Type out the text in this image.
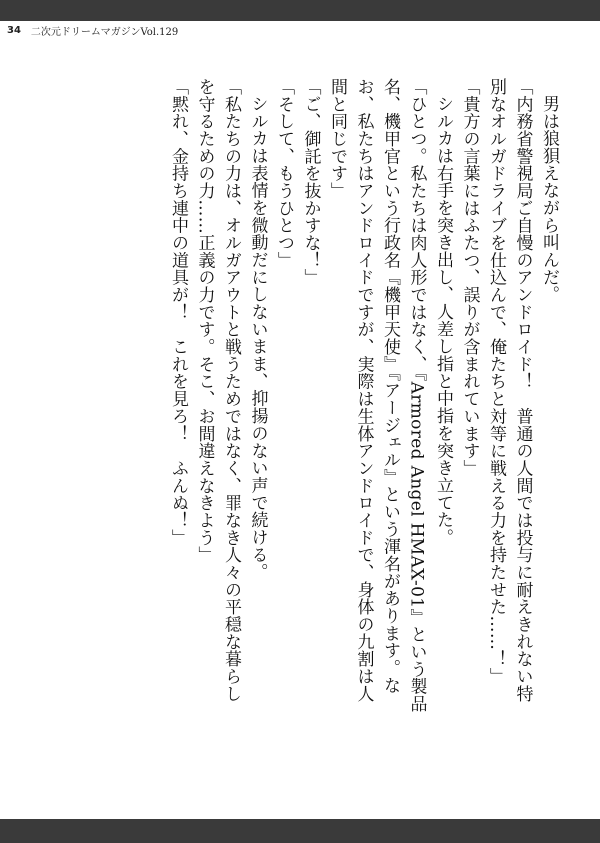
34 二次元ドリームマガジンVol.129
男は狼狽えながら叫んだ。
「内務省警視局ご自慢のアンドロイド！　普通の人間では投与に耐えきれない特
別なオルガドライブを仕込んで、俺たちと対等に戦える力を持たせた……！」
「貴方の言葉にはふたつ、誤りが含まれています」
シルカは右手を突き出し、人差し指と中指を突き立てた。
「ひとつ。私たちは肉人形ではなく、『Armored Angel HMAX-01』という製品
名、機甲官という行政名『機甲天使』『アージェル』という渾名があります。な
お、私たちはアンドロイドですが、実際は生体アンドロイドで、身体の九割は人
間と同じです」
「ご、御託を抜かすな！」
「そして、もうひとつ」
シルカは表情を微動だにしないまま、抑揚のない声で続ける。
「私たちの力は、オルガアウトと戦うためではなく、罪なき人々の平穏な暮らし
を守るための力……正義の力です。そこ、お間違えなきよう」
「黙れ、金持ち連中の道具が！　これを見ろ！　ふんぬ！」
